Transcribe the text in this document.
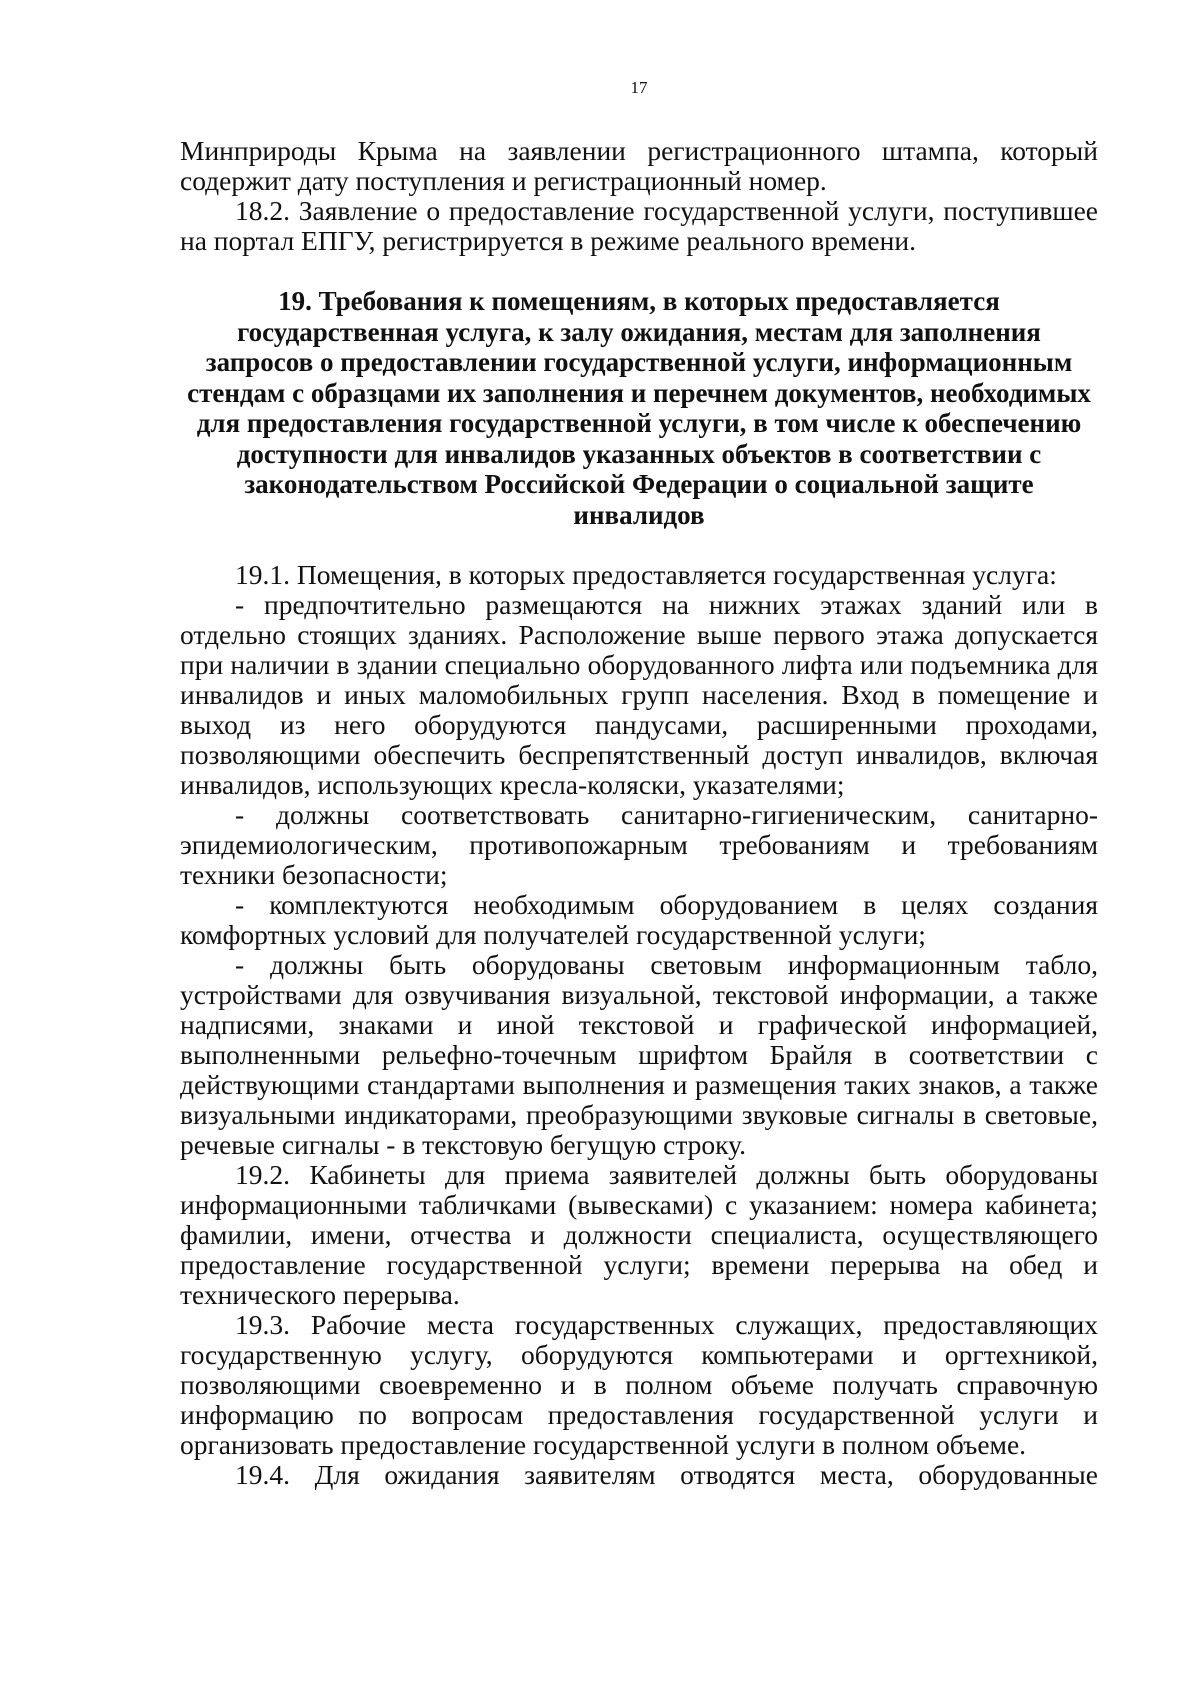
17

Минприроды Крыма на заявлении регистрационного штампа, который содержит дату поступления и регистрационный номер.

18.2. Заявление о предоставление государственной услуги, поступившее на портал ЕПГУ, регистрируется в режиме реального времени.

19. Требования к помещениям, в которых предоставляется государственная услуга, к залу ожидания, местам для заполнения запросов о предоставлении государственной услуги, информационным стендам с образцами их заполнения и перечнем документов, необходимых для предоставления государственной услуги, в том числе к обеспечению доступности для инвалидов указанных объектов в соответствии с законодательством Российской Федерации о социальной защите инвалидов

19.1. Помещения, в которых предоставляется государственная услуга:

- предпочтительно размещаются на нижних этажах зданий или в отдельно стоящих зданиях. Расположение выше первого этажа допускается при наличии в здании специально оборудованного лифта или подъемника для инвалидов и иных маломобильных групп населения. Вход в помещение и выход из него оборудуются пандусами, расширенными проходами, позволяющими обеспечить беспрепятственный доступ инвалидов, включая инвалидов, использующих кресла-коляски, указателями;

- должны соответствовать санитарно-гигиеническим, санитарно-эпидемиологическим, противопожарным требованиям и требованиям техники безопасности;

- комплектуются необходимым оборудованием в целях создания комфортных условий для получателей государственной услуги;

- должны быть оборудованы световым информационным табло, устройствами для озвучивания визуальной, текстовой информации, а также надписями, знаками и иной текстовой и графической информацией, выполненными рельефно-точечным шрифтом Брайля в соответствии с действующими стандартами выполнения и размещения таких знаков, а также визуальными индикаторами, преобразующими звуковые сигналы в световые, речевые сигналы - в текстовую бегущую строку.

19.2. Кабинеты для приема заявителей должны быть оборудованы информационными табличками (вывесками) с указанием: номера кабинета; фамилии, имени, отчества и должности специалиста, осуществляющего предоставление государственной услуги; времени перерыва на обед и технического перерыва.

19.3. Рабочие места государственных служащих, предоставляющих государственную услугу, оборудуются компьютерами и оргтехникой, позволяющими своевременно и в полном объеме получать справочную информацию по вопросам предоставления государственной услуги и организовать предоставление государственной услуги в полном объеме.

19.4. Для ожидания заявителям отводятся места, оборудованные
